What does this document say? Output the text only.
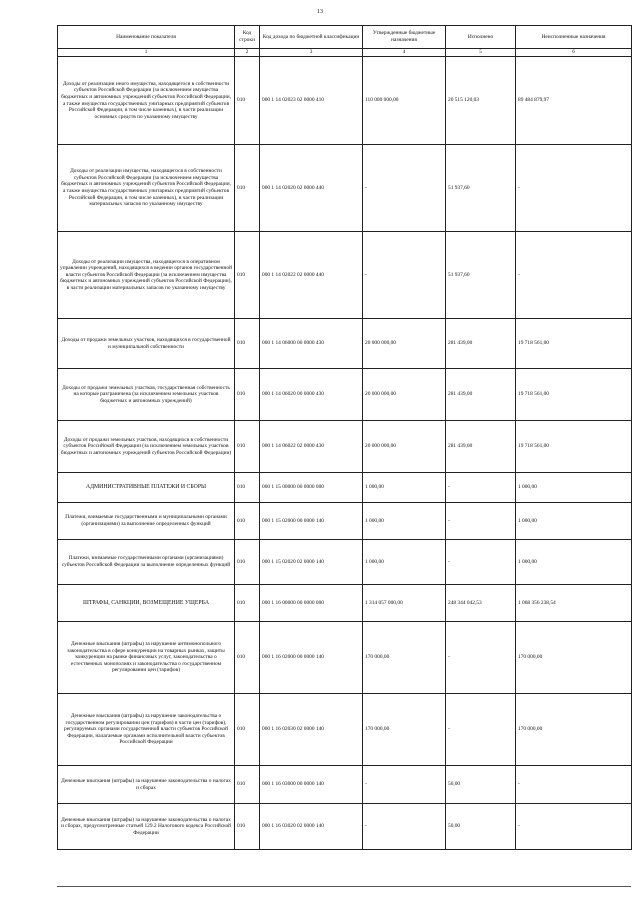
13
Наименование показателя	Код строки	Код дохода по бюджетной классификации	Утвержденные бюджетные назначения	Исполнено	Неисполненные назначения
1	2	3	4	5	6
Доходы от реализации иного имущества, находящегося в собственности субъектов Российской Федерации (за исключением имущества бюджетных и автономных учреждений субъектов Российской Федерации, а также имущества государственных унитарных предприятий субъектов Российской Федерации, в том числе казенных), в части реализации основных средств по указанному имуществу	010	000 1 14 02023 02 0000 410	110 000 000,00	20 515 120,03	89 484 879,97
Доходы от реализации имущества, находящегося в собственности субъектов Российской Федерации (за исключением имущества бюджетных и автономных учреждений субъектов Российской Федерации, а также имущества государственных унитарных предприятий субъектов Российской Федерации, в том числе казенных), в части реализации материальных запасов по указанному имуществу	010	000 1 14 02020 02 0000 440	-	51 937,60	-
Доходы от реализации имущества, находящегося в оперативном управлении учреждений, находящихся в ведении органов государственной власти субъектов Российской Федерации (за исключением имущества бюджетных и автономных учреждений субъектов Российской Федерации), в части реализации материальных запасов по указанному имуществу	010	000 1 14 02022 02 0000 440	-	51 937,60	-
Доходы от продажи земельных участков, находящихся в государственной и муниципальной собственности	010	000 1 14 06000 00 0000 430	20 000 000,00	281 439,00	19 718 561,00
Доходы от продажи земельных участков, государственная собственность на которые разграничена (за исключением земельных участков бюджетных и автономных учреждений)	010	000 1 14 06020 00 0000 430	20 000 000,00	281 439,00	19 718 561,00
Доходы от продажи земельных участков, находящихся в собственности субъектов Российской Федерации (за исключением земельных участков бюджетных и автономных учреждений субъектов Российской Федерации)	010	000 1 14 06022 02 0000 430	20 000 000,00	281 439,00	19 718 561,00
АДМИНИСТРАТИВНЫЕ ПЛАТЕЖИ И СБОРЫ	010	000 1 15 00000 00 0000 000	1 000,00	-	1 000,00
Платежи, взимаемые государственными и муниципальными органами (организациями) за выполнение определенных функций	010	000 1 15 02000 00 0000 140	1 000,00	-	1 000,00
Платежи, взимаемые государственными органами (организациями) субъектов Российской Федерации за выполнение определенных функций	010	000 1 15 02020 02 0000 140	1 000,00	-	1 000,00
ШТРАФЫ, САНКЦИИ, ВОЗМЕЩЕНИЕ УЩЕРБА	010	000 1 16 00000 00 0000 000	1 314 057 000,00	248 344 042,53	1 068 356 238,54
Денежные взыскания (штрафы) за нарушение антимонопольного законодательства в сфере конкуренции на товарных рынках, защиты конкуренции на рынке финансовых услуг, законодательства о естественных монополиях и законодательства о государственном регулировании цен (тарифов)	010	000 1 16 02000 00 0000 140	170 000,00	-	170 000,00
Денежные взыскания (штрафы) за нарушение законодательства о государственном регулировании цен (тарифов) в части цен (тарифов), регулируемых органами государственной власти субъектов Российской Федерации, налагаемые органами исполнительной власти субъектов Российской Федерации	010	000 1 16 02030 02 0000 140	170 000,00	-	170 000,00
Денежные взыскания (штрафы) за нарушение законодательства о налогах и сборах	010	000 1 16 03000 00 0000 140	-	50,00	-
Денежные взыскания (штрафы) за нарушение законодательства о налогах и сборах, предусмотренные статьей 129.2 Налогового кодекса Российской Федерации	010	000 1 16 03020 02 0000 140	-	50,00	-
